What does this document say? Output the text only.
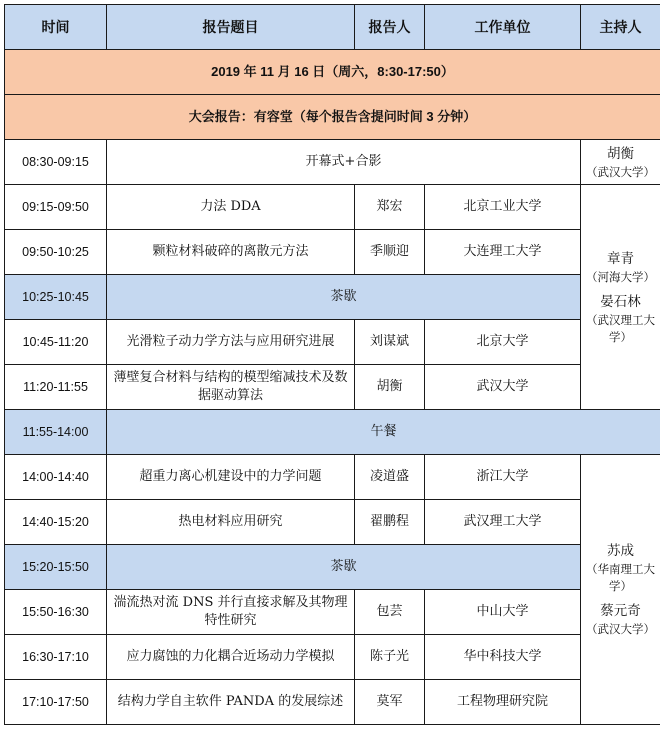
时间	报告题目	报告人	工作单位	主持人
2019 年 11 月 16 日（周六，8:30-17:50）				
大会报告：有容堂（每个报告含提问时间 3 分钟）				
08:30-09:15	开幕式+合影			胡衡
（武汉大学）

09:15-09:50	力法 DDA	郑宏	北京工业大学	章青
（河海大学）
晏石林
（武汉理工大学）

09:50-10:25	颗粒材料破碎的离散元方法	季顺迎	大连理工大学	
10:25-10:45	茶歇			
10:45-11:20	光滑粒子动力学方法与应用研究进展	刘谋斌	北京大学	
11:20-11:55	薄壁复合材料与结构的模型缩减技术及数据驱动算法	胡衡	武汉大学	
11:55-14:00	午餐			
14:00-14:40	超重力离心机建设中的力学问题	凌道盛	浙江大学	苏成
（华南理工大学）
蔡元奇
（武汉大学）

14:40-15:20	热电材料应用研究	翟鹏程	武汉理工大学	
15:20-15:50	茶歇			
15:50-16:30	湍流热对流 DNS 并行直接求解及其物理特性研究	包芸	中山大学	
16:30-17:10	应力腐蚀的力化耦合近场动力学模拟	陈子光	华中科技大学	
17:10-17:50	结构力学自主软件 PANDA 的发展综述	莫军	工程物理研究院	
